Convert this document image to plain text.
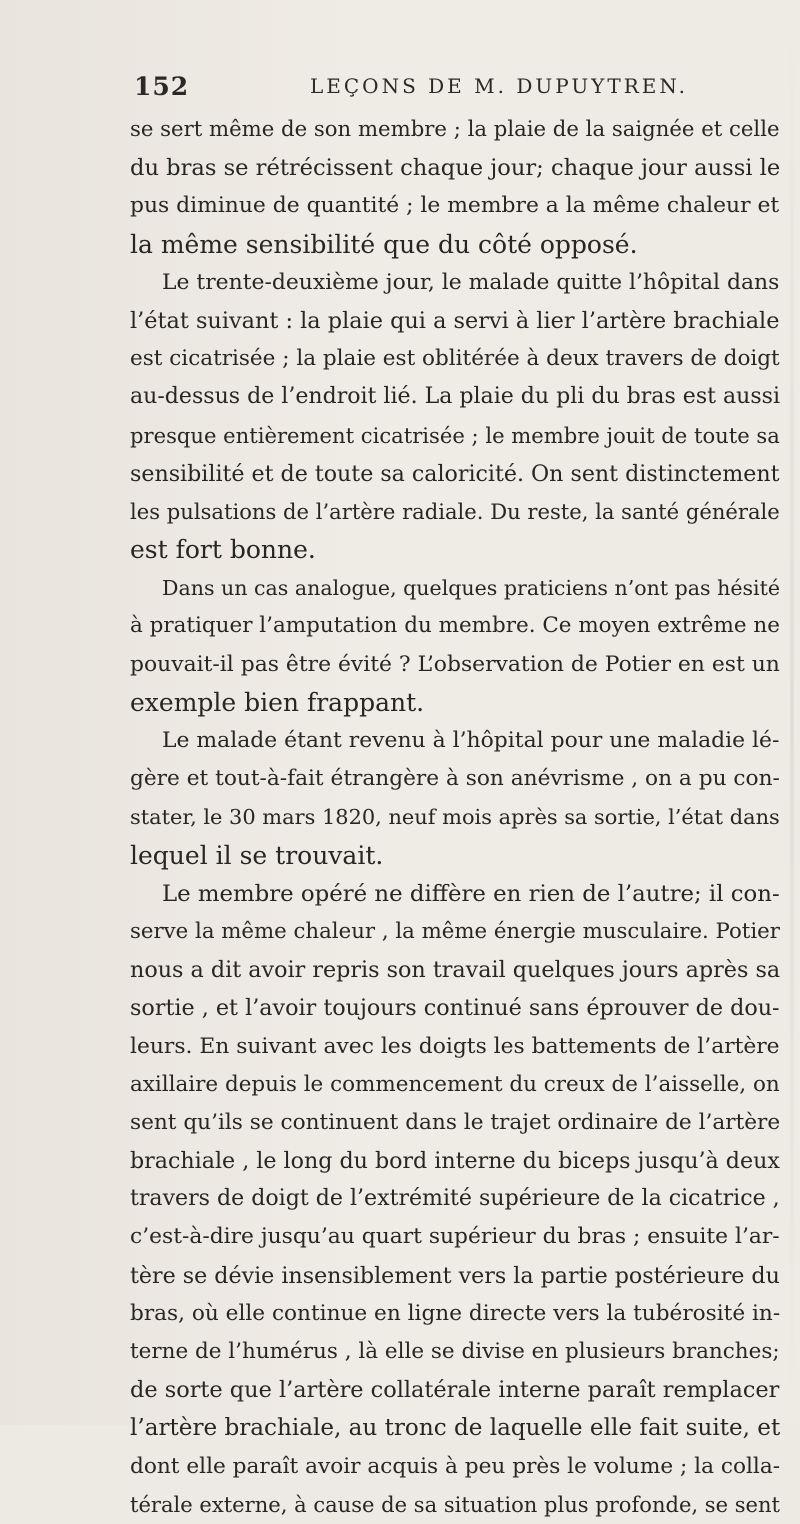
152	LEÇONS DE M. DUPUYTREN.
se sert même de son membre ; la plaie de la saignée et celle
du bras se rétrécissent chaque jour; chaque jour aussi le
pus diminue de quantité ; le membre a la même chaleur et
la même sensibilité que du côté opposé.
Le trente-deuxième jour, le malade quitte l’hôpital dans
l’état suivant : la plaie qui a servi à lier l’artère brachiale
est cicatrisée ; la plaie est oblitérée à deux travers de doigt
au-dessus de l’endroit lié. La plaie du pli du bras est aussi
presque entièrement cicatrisée ; le membre jouit de toute sa
sensibilité et de toute sa caloricité. On sent distinctement
les pulsations de l’artère radiale. Du reste, la santé générale
est fort bonne.
Dans un cas analogue, quelques praticiens n’ont pas hésité
à pratiquer l’amputation du membre. Ce moyen extrême ne
pouvait-il pas être évité ? L’observation de Potier en est un
exemple bien frappant.
Le malade étant revenu à l’hôpital pour une maladie lé-
gère et tout-à-fait étrangère à son anévrisme , on a pu con-
stater, le 30 mars 1820, neuf mois après sa sortie, l’état dans
lequel il se trouvait.
Le membre opéré ne diffère en rien de l’autre; il con-
serve la même chaleur , la même énergie musculaire. Potier
nous a dit avoir repris son travail quelques jours après sa
sortie , et l’avoir toujours continué sans éprouver de dou-
leurs. En suivant avec les doigts les battements de l’artère
axillaire depuis le commencement du creux de l’aisselle, on
sent qu’ils se continuent dans le trajet ordinaire de l’artère
brachiale , le long du bord interne du biceps jusqu’à deux
travers de doigt de l’extrémité supérieure de la cicatrice ,
c’est-à-dire jusqu’au quart supérieur du bras ; ensuite l’ar-
tère se dévie insensiblement vers la partie postérieure du
bras, où elle continue en ligne directe vers la tubérosité in-
terne de l’humérus , là elle se divise en plusieurs branches;
de sorte que l’artère collatérale interne paraît remplacer
l’artère brachiale, au tronc de laquelle elle fait suite, et
dont elle paraît avoir acquis à peu près le volume ; la colla-
térale externe, à cause de sa situation plus profonde, se sent
